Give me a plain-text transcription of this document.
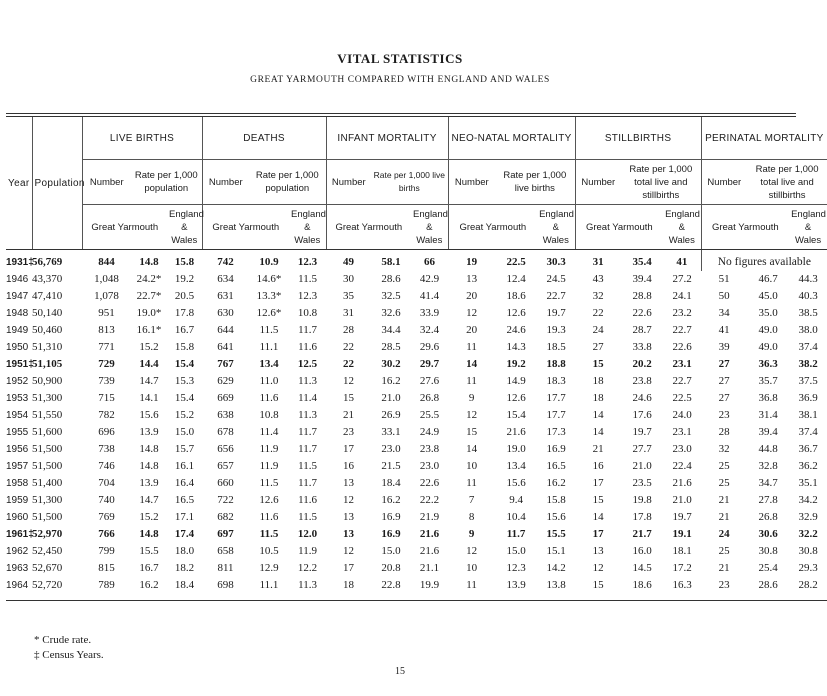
VITAL STATISTICS
GREAT YARMOUTH COMPARED WITH ENGLAND AND WALES
Year	Population	LIVE BIRTHS			DEATHS			INFANT MORTALITY			NEO-NATAL MORTALITY			STILLBIRTHS			PERINATAL MORTALITY		
		Number	Rate per 1,000 population		Number	Rate per 1,000 population		Number	Rate per 1,000 live births		Number	Rate per 1,000 live births		Number	Rate per 1,000 total live and stillbirths		Number	Rate per 1,000 total live and stillbirths	
		Great Yarmouth		England & Wales	Great Yarmouth		England & Wales	Great Yarmouth		England & Wales	Great Yarmouth		England & Wales	Great Yarmouth		England & Wales	Great Yarmouth		England & Wales
1931‡	56,769	844	14.8	15.8	742	10.9	12.3	49	58.1	66	19	22.5	30.3	31	35.4	41	No figures available		
1946	43,370	1,048	24.2*	19.2	634	14.6*	11.5	30	28.6	42.9	13	12.4	24.5	43	39.4	27.2	51	46.7	44.3
1947	47,410	1,078	22.7*	20.5	631	13.3*	12.3	35	32.5	41.4	20	18.6	22.7	32	28.8	24.1	50	45.0	40.3
1948	50,140	951	19.0*	17.8	630	12.6*	10.8	31	32.6	33.9	12	12.6	19.7	22	22.6	23.2	34	35.0	38.5
1949	50,460	813	16.1*	16.7	644	11.5	11.7	28	34.4	32.4	20	24.6	19.3	24	28.7	22.7	41	49.0	38.0
1950	51,310	771	15.2	15.8	641	11.1	11.6	22	28.5	29.6	11	14.3	18.5	27	33.8	22.6	39	49.0	37.4
1951‡	51,105	729	14.4	15.4	767	13.4	12.5	22	30.2	29.7	14	19.2	18.8	15	20.2	23.1	27	36.3	38.2
1952	50,900	739	14.7	15.3	629	11.0	11.3	12	16.2	27.6	11	14.9	18.3	18	23.8	22.7	27	35.7	37.5
1953	51,300	715	14.1	15.4	669	11.6	11.4	15	21.0	26.8	9	12.6	17.7	18	24.6	22.5	27	36.8	36.9
1954	51,550	782	15.6	15.2	638	10.8	11.3	21	26.9	25.5	12	15.4	17.7	14	17.6	24.0	23	31.4	38.1
1955	51,600	696	13.9	15.0	678	11.4	11.7	23	33.1	24.9	15	21.6	17.3	14	19.7	23.1	28	39.4	37.4
1956	51,500	738	14.8	15.7	656	11.9	11.7	17	23.0	23.8	14	19.0	16.9	21	27.7	23.0	32	44.8	36.7
1957	51,500	746	14.8	16.1	657	11.9	11.5	16	21.5	23.0	10	13.4	16.5	16	21.0	22.4	25	32.8	36.2
1958	51,400	704	13.9	16.4	660	11.5	11.7	13	18.4	22.6	11	15.6	16.2	17	23.5	21.6	25	34.7	35.1
1959	51,300	740	14.7	16.5	722	12.6	11.6	12	16.2	22.2	7	9.4	15.8	15	19.8	21.0	21	27.8	34.2
1960	51,500	769	15.2	17.1	682	11.6	11.5	13	16.9	21.9	8	10.4	15.6	14	17.8	19.7	21	26.8	32.9
1961‡	52,970	766	14.8	17.4	697	11.5	12.0	13	16.9	21.6	9	11.7	15.5	17	21.7	19.1	24	30.6	32.2
1962	52,450	799	15.5	18.0	658	10.5	11.9	12	15.0	21.6	12	15.0	15.1	13	16.0	18.1	25	30.8	30.8
1963	52,670	815	16.7	18.2	811	12.9	12.2	17	20.8	21.1	10	12.3	14.2	12	14.5	17.2	21	25.4	29.3
1964	52,720	789	16.2	18.4	698	11.1	11.3	18	22.8	19.9	11	13.9	13.8	15	18.6	16.3	23	28.6	28.2

* Crude rate.
‡ Census Years.
15
